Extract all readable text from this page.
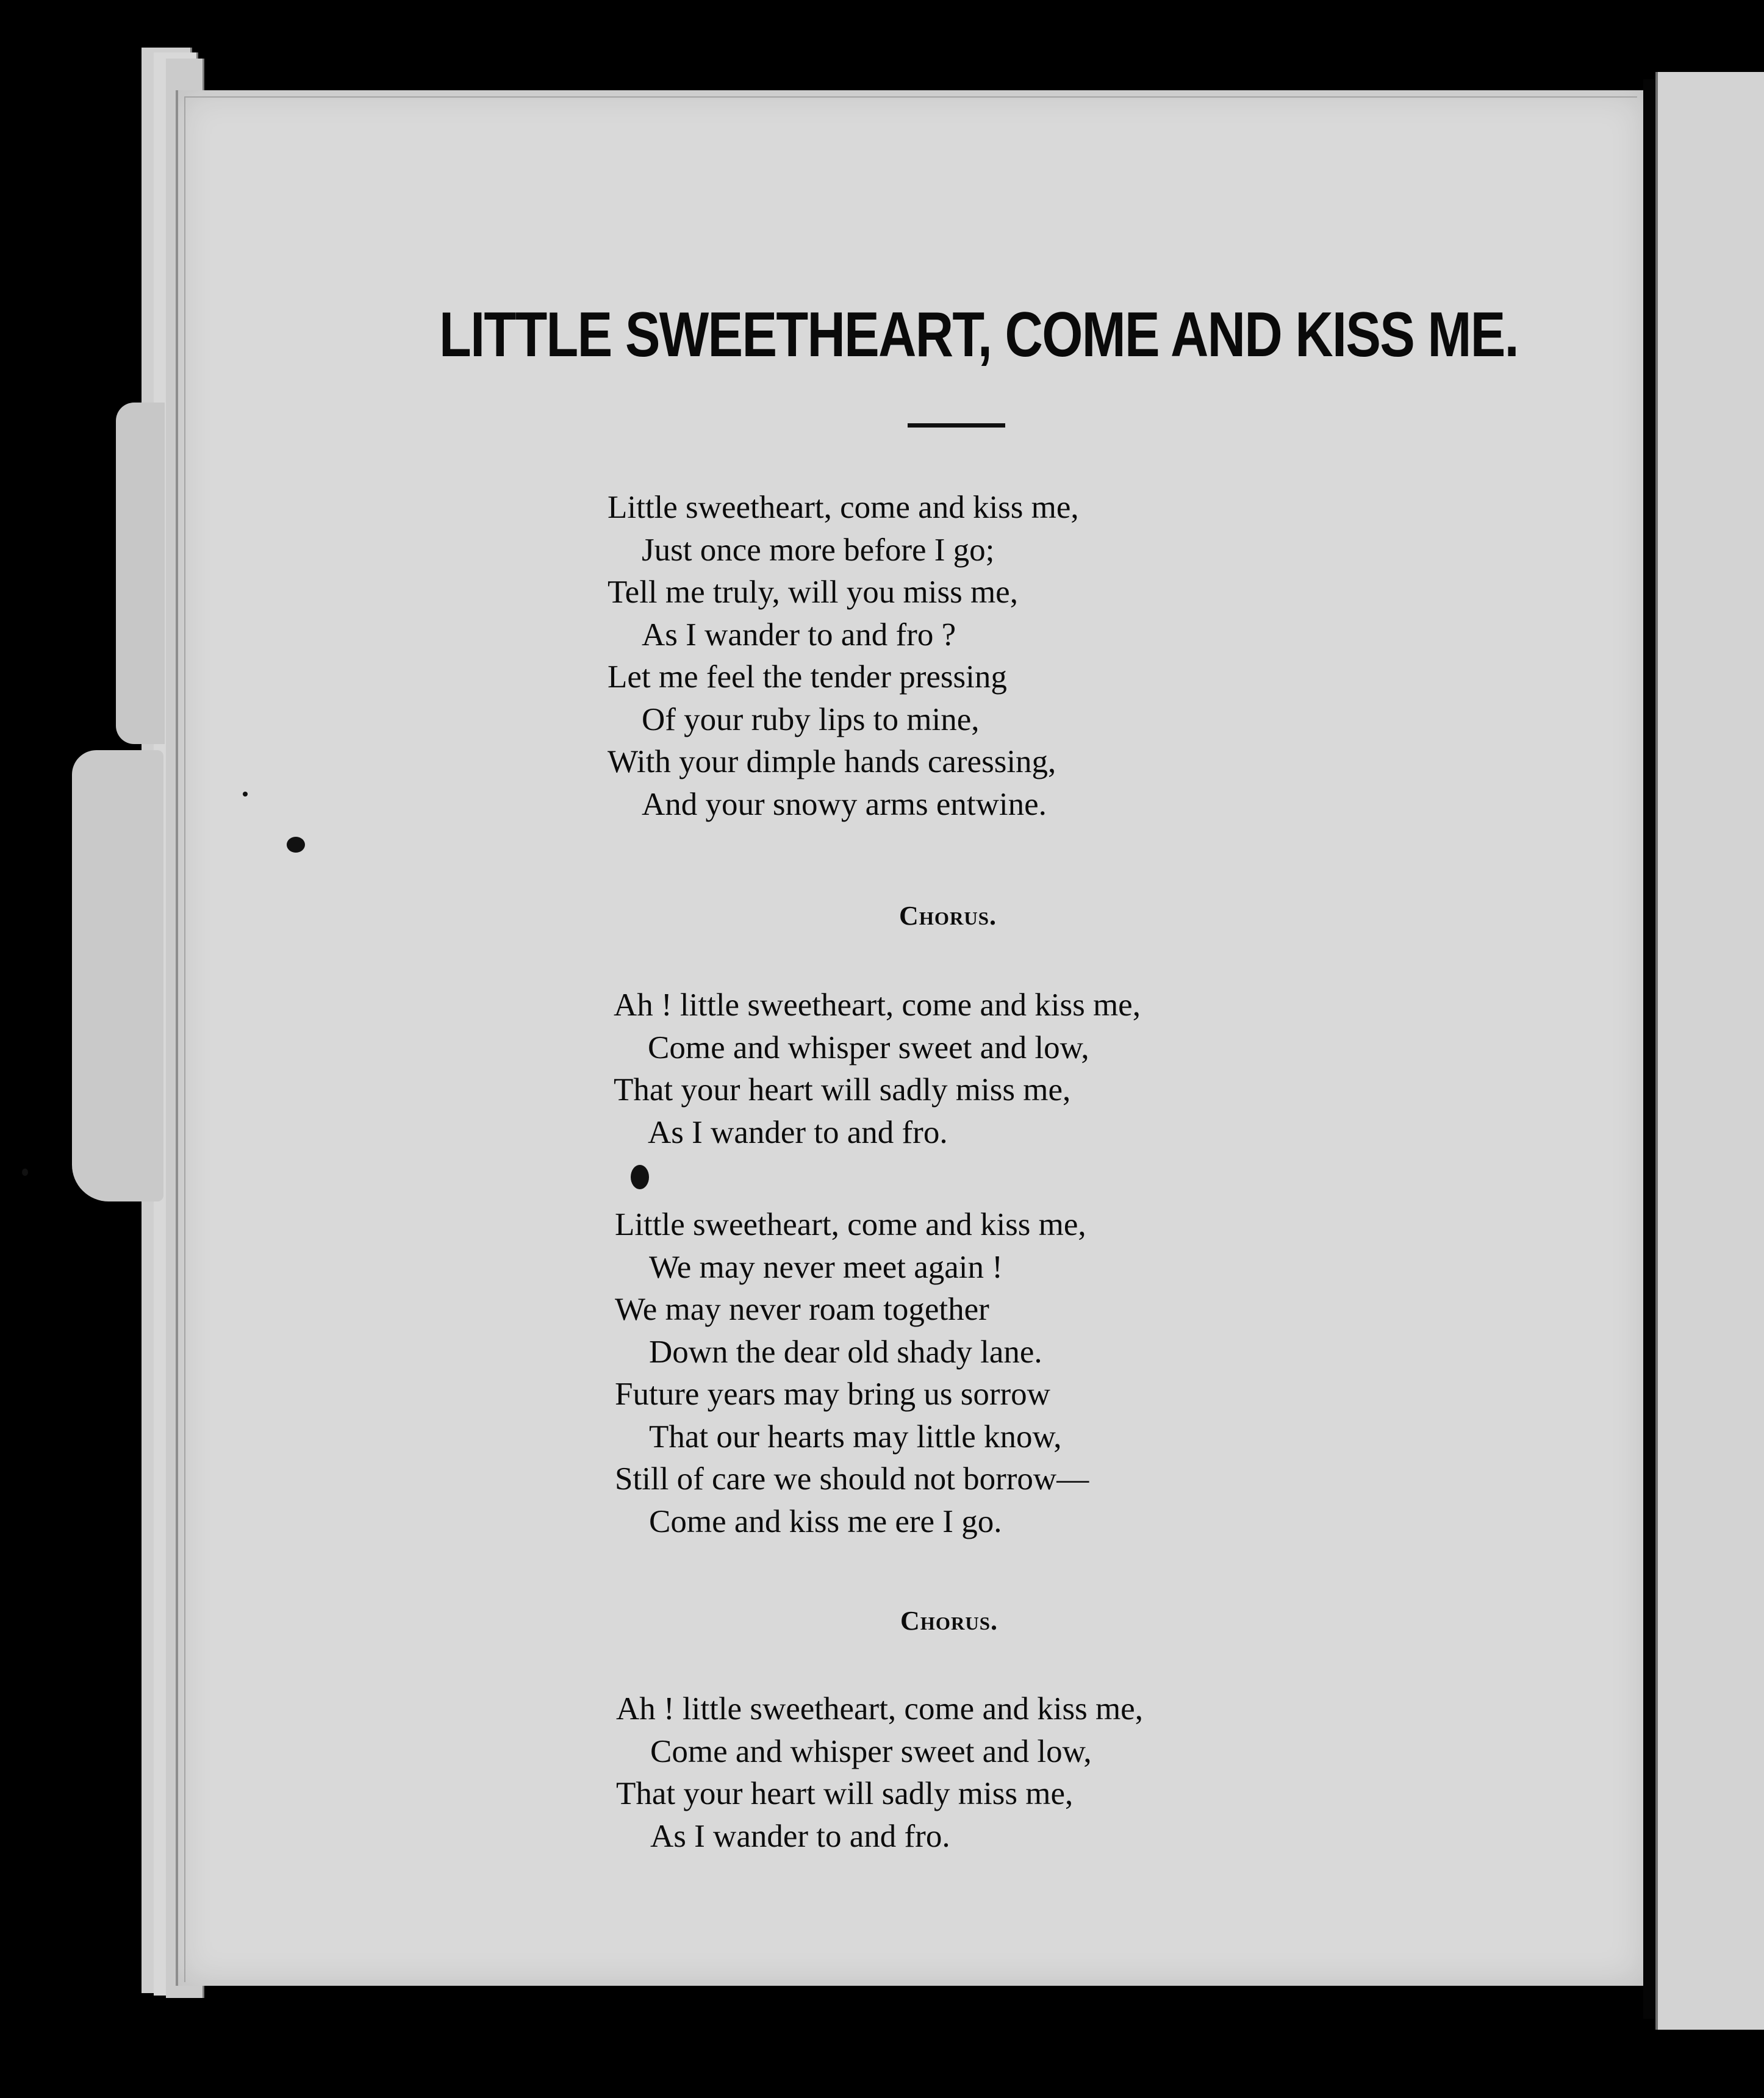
LITTLE SWEETHEART, COME AND KISS ME.
Little sweetheart, come and kiss me,
Just once more before I go;
Tell me truly, will you miss me,
As I wander to and fro ?
Let me feel the tender pressing
Of your ruby lips to mine,
With your dimple hands caressing,
And your snowy arms entwine.

Chorus.

Ah ! little sweetheart, come and kiss me,
Come and whisper sweet and low,
That your heart will sadly miss me,
As I wander to and fro.
Little sweetheart, come and kiss me,
We may never meet again !
We may never roam together
Down the dear old shady lane.
Future years may bring us sorrow
That our hearts may little know,
Still of care we should not borrow—
Come and kiss me ere I go.

Chorus.

Ah ! little sweetheart, come and kiss me,
Come and whisper sweet and low,
That your heart will sadly miss me,
As I wander to and fro.
